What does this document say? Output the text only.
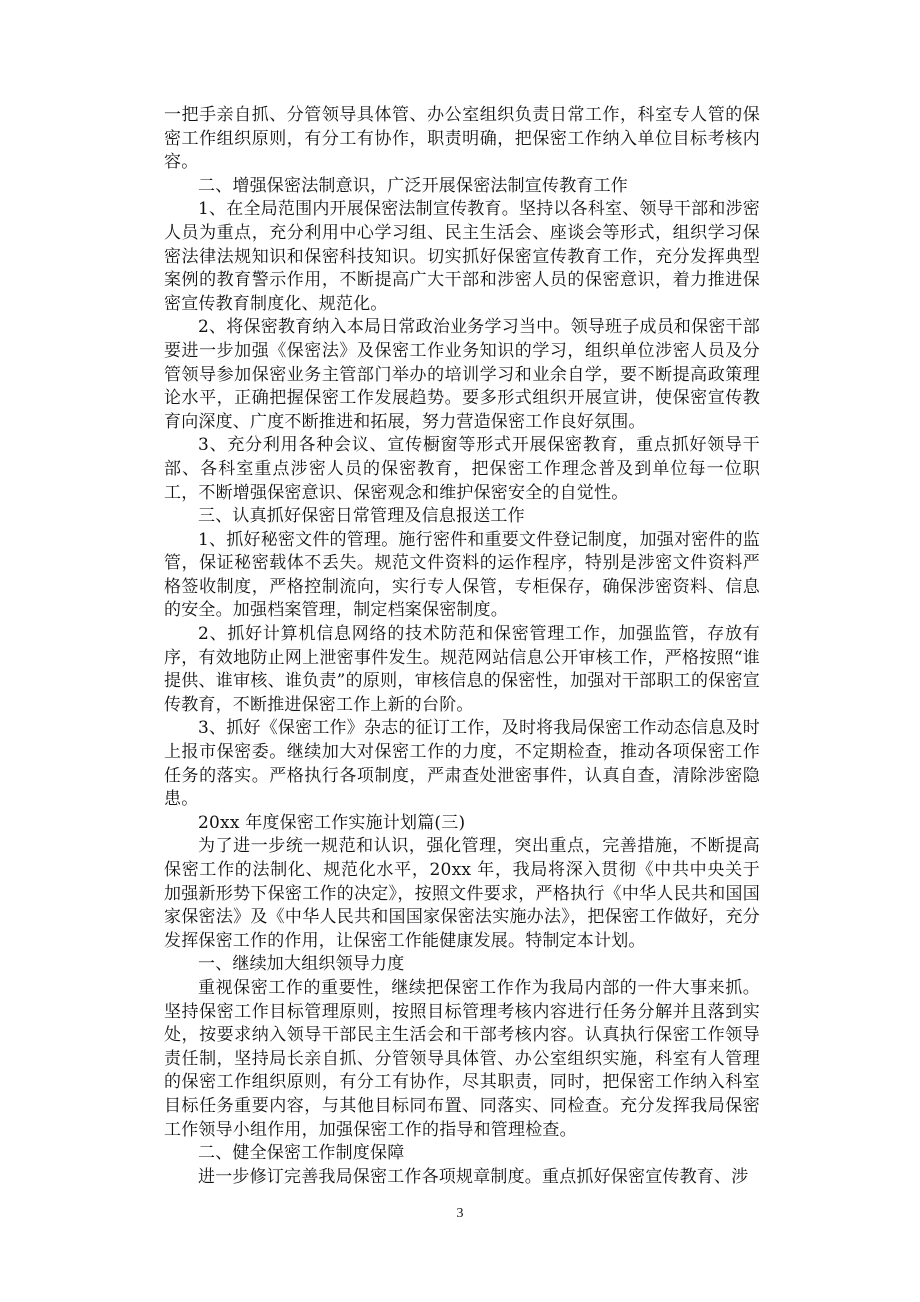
一把手亲自抓、分管领导具体管、办公室组织负责日常工作，科室专人管的保密工作组织原则，有分工有协作，职责明确，把保密工作纳入单位目标考核内容。

二、增强保密法制意识，广泛开展保密法制宣传教育工作

1、在全局范围内开展保密法制宣传教育。坚持以各科室、领导干部和涉密人员为重点，充分利用中心学习组、民主生活会、座谈会等形式，组织学习保密法律法规知识和保密科技知识。切实抓好保密宣传教育工作，充分发挥典型案例的教育警示作用，不断提高广大干部和涉密人员的保密意识，着力推进保密宣传教育制度化、规范化。

2、将保密教育纳入本局日常政治业务学习当中。领导班子成员和保密干部要进一步加强《保密法》及保密工作业务知识的学习，组织单位涉密人员及分管领导参加保密业务主管部门举办的培训学习和业余自学，要不断提高政策理论水平，正确把握保密工作发展趋势。要多形式组织开展宣讲，使保密宣传教育向深度、广度不断推进和拓展，努力营造保密工作良好氛围。

3、充分利用各种会议、宣传橱窗等形式开展保密教育，重点抓好领导干部、各科室重点涉密人员的保密教育，把保密工作理念普及到单位每一位职工，不断增强保密意识、保密观念和维护保密安全的自觉性。

三、认真抓好保密日常管理及信息报送工作

1、抓好秘密文件的管理。施行密件和重要文件登记制度，加强对密件的监管，保证秘密载体不丢失。规范文件资料的运作程序，特别是涉密文件资料严格签收制度，严格控制流向，实行专人保管，专柜保存，确保涉密资料、信息的安全。加强档案管理，制定档案保密制度。

2、抓好计算机信息网络的技术防范和保密管理工作，加强监管，存放有序，有效地防止网上泄密事件发生。规范网站信息公开审核工作，严格按照“谁提供、谁审核、谁负责”的原则，审核信息的保密性，加强对干部职工的保密宣传教育，不断推进保密工作上新的台阶。

3、抓好《保密工作》杂志的征订工作，及时将我局保密工作动态信息及时上报市保密委。继续加大对保密工作的力度，不定期检查，推动各项保密工作任务的落实。严格执行各项制度，严肃查处泄密事件，认真自查，清除涉密隐患。

20xx 年度保密工作实施计划篇(三)

为了进一步统一规范和认识，强化管理，突出重点，完善措施，不断提高保密工作的法制化、规范化水平，20xx 年，我局将深入贯彻《中共中央关于加强新形势下保密工作的决定》，按照文件要求，严格执行《中华人民共和国国家保密法》及《中华人民共和国国家保密法实施办法》，把保密工作做好，充分发挥保密工作的作用，让保密工作能健康发展。特制定本计划。

一、继续加大组织领导力度

重视保密工作的重要性，继续把保密工作作为我局内部的一件大事来抓。坚持保密工作目标管理原则，按照目标管理考核内容进行任务分解并且落到实处，按要求纳入领导干部民主生活会和干部考核内容。认真执行保密工作领导责任制，坚持局长亲自抓、分管领导具体管、办公室组织实施，科室有人管理的保密工作组织原则，有分工有协作，尽其职责，同时，把保密工作纳入科室目标任务重要内容，与其他目标同布置、同落实、同检查。充分发挥我局保密工作领导小组作用，加强保密工作的指导和管理检查。

二、健全保密工作制度保障

进一步修订完善我局保密工作各项规章制度。重点抓好保密宣传教育、涉

3
